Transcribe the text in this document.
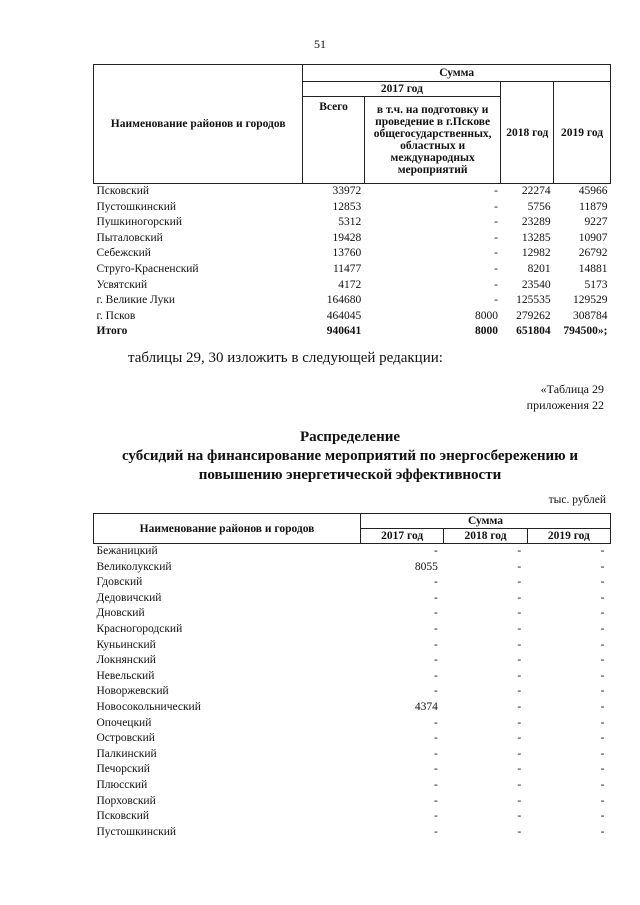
51
Наименование районов и городов	Сумма			
	2017 год		2018 год	2019 год
	Всего	в т.ч. на подготовку и проведение в г.Пскове общегосударственных, областных и международных мероприятий		
Псковский	33972	-	22274	45966
Пустошкинский	12853	-	5756	11879
Пушкиногорский	5312	-	23289	9227
Пыталовский	19428	-	13285	10907
Себежский	13760	-	12982	26792
Струго-Красненский	11477	-	8201	14881
Усвятский	4172	-	23540	5173
г. Великие Луки	164680	-	125535	129529
г. Псков	464045	8000	279262	308784
Итого	940641	8000	651804	794500»;
таблицы 29, 30 изложить в следующей редакции:
«Таблица 29
приложения 22
Распределение
субсидий на финансирование мероприятий по энергосбережению и
повышению энергетической эффективности
тыс. рублей
Наименование районов и городов	Сумма		
	2017 год	2018 год	2019 год
Бежаницкий	-	-	-
Великолукский	8055	-	-
Гдовский	-	-	-
Дедовичский	-	-	-
Дновский	-	-	-
Красногородский	-	-	-
Куньинский	-	-	-
Локнянский	-	-	-
Невельский	-	-	-
Новоржевский	-	-	-
Новосокольнический	4374	-	-
Опочецкий	-	-	-
Островский	-	-	-
Палкинский	-	-	-
Печорский	-	-	-
Плюсский	-	-	-
Порховский	-	-	-
Псковский	-	-	-
Пустошкинский	-	-	-
